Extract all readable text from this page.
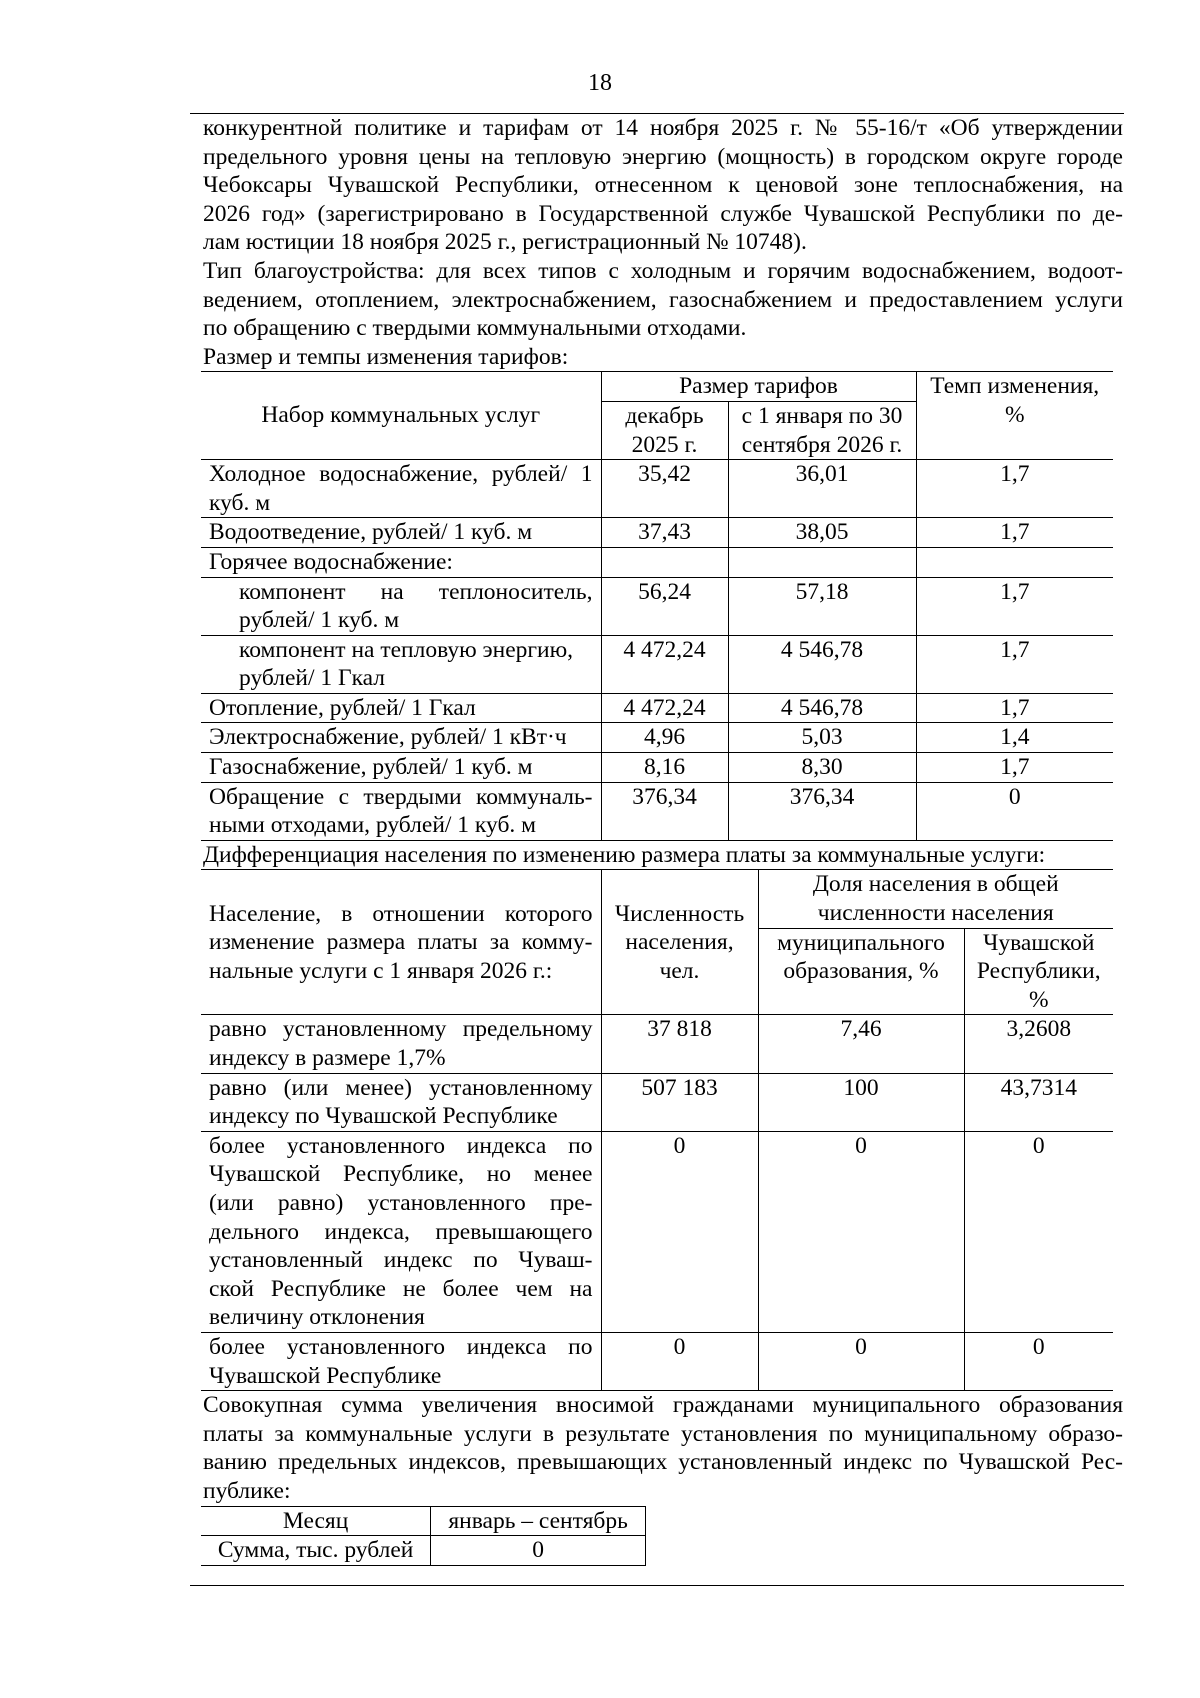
18

конкурентной политике и тарифам от 14 ноября 2025 г. № 55-16/т «Об утверждении

предельного уровня цены на тепловую энергию (мощность) в городском округе городе

Чебоксары Чувашской Республики, отнесенном к ценовой зоне теплоснабжения, на

2026 год» (зарегистрировано в Государственной службе Чувашской Республики по де-

лам юстиции 18 ноября 2025 г., регистрационный № 10748).

Тип благоустройства: для всех типов с холодным и горячим водоснабжением, водоот-

ведением, отоплением, электроснабжением, газоснабжением и предоставлением услуги

по обращению с твердыми коммунальными отходами.

Размер и темпы изменения тарифов:

Набор коммунальных услуг	Размер тарифов		Темп изменения, %
	декабрь 2025 г.	с 1 января по 30 сентября 2026 г.	
Холодное водоснабжение, рублей/ 1 куб. м	35,42	36,01	1,7
Водоотведение, рублей/ 1 куб. м	37,43	38,05	1,7
Горячее водоснабжение:			
компонент на теплоноситель, рублей/ 1 куб. м	56,24	57,18	1,7
компонент на тепловую энергию, рублей/ 1 Гкал	4 472,24	4 546,78	1,7
Отопление, рублей/ 1 Гкал	4 472,24	4 546,78	1,7
Электроснабжение, рублей/ 1 кВт·ч	4,96	5,03	1,4
Газоснабжение, рублей/ 1 куб. м	8,16	8,30	1,7
Обращение с твердыми коммуналь-ными отходами, рублей/ 1 куб. м	376,34	376,34	0

Дифференциация населения по изменению размера платы за коммунальные услуги:

Население, в отношении которого изменение размера платы за комму-нальные услуги с 1 января 2026 г.:	Численность населения, чел.	Доля населения в общей численности населения	
		муниципального образования, %	Чувашской Республики, %
равно установленному предельному индексу в размере 1,7%	37 818	7,46	3,2608
равно (или менее) установленному индексу по Чувашской Республике	507 183	100	43,7314
более установленного индекса по Чувашской Республике, но менее (или равно) установленного пре-дельного индекса, превышающего установленный индекс по Чуваш-ской Республике не более чем на величину отклонения	0	0	0
более установленного индекса по Чувашской Республике	0	0	0

Совокупная сумма увеличения вносимой гражданами муниципального образования

платы за коммунальные услуги в результате установления по муниципальному образо-

ванию предельных индексов, превышающих установленный индекс по Чувашской Рес-

публике:

Месяц	январь – сентябрь
Сумма, тыс. рублей	0
